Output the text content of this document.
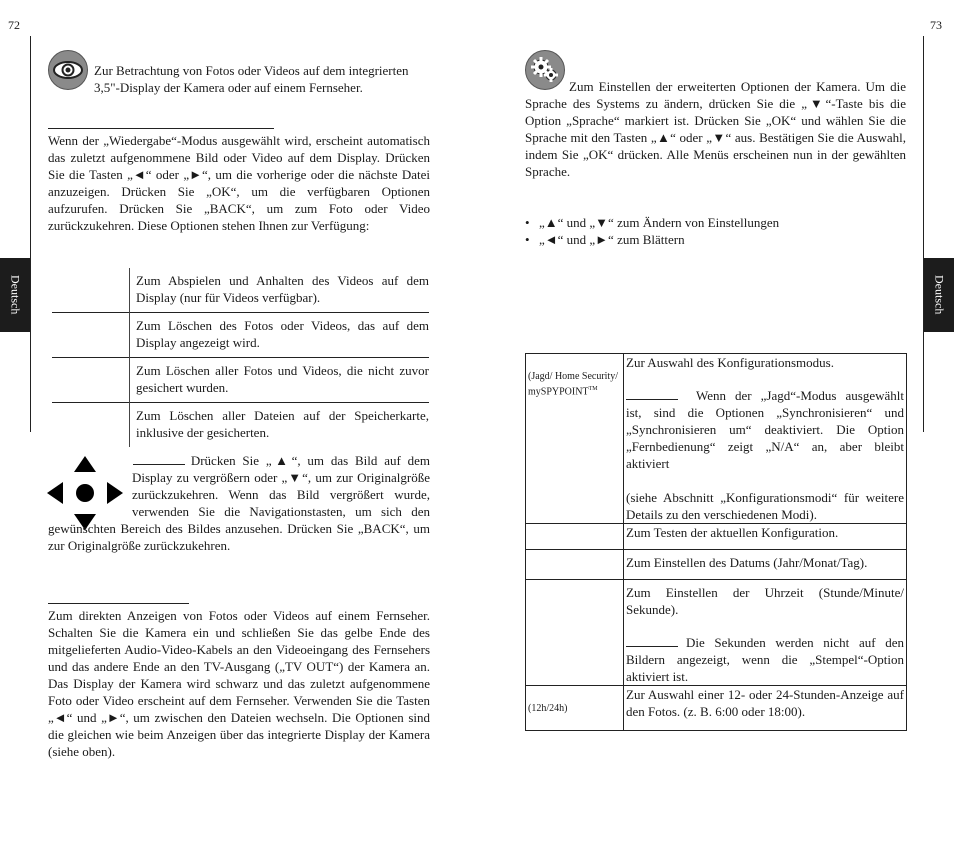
72
Deutsch
Zur Betrachtung von Fotos oder Videos auf dem integrierten 3,5"-Display der Kamera oder auf einem Fernseher.
Wenn der „Wiedergabe“-Modus ausgewählt wird, erscheint automatisch das zuletzt aufgenommene Bild oder Video auf dem Display. Drücken Sie die Tasten „◄“ oder „►“, um die vorherige oder die nächste Datei anzuzeigen. Drücken Sie „OK“, um die verfügbaren Optionen aufzurufen. Drücken Sie „BACK“, um zum Foto oder Video zurückzukehren. Diese Optionen stehen Ihnen zur Verfügung:
	Zum Abspielen und Anhalten des Videos auf dem Display (nur für Videos verfügbar).
	Zum Löschen des Fotos oder Videos, das auf dem Display angezeigt wird.
	Zum Löschen aller Fotos und Videos, die nicht zuvor gesichert wurden.
	Zum Löschen aller Dateien auf der Speicherkarte, inklusive der gesicherten.
Drücken Sie „▲“, um das Bild auf dem Display zu vergrößern oder „▼“, um zur Originalgröße zurückzukehren. Wenn das Bild vergrößert wurde, verwenden Sie die Navigationstasten, um sich den gewünschten Bereich des Bildes anzusehen. Drücken Sie „BACK“, um zur Originalgröße zurückzukehren.
Zum direkten Anzeigen von Fotos oder Videos auf einem Fernseher. Schalten Sie die Kamera ein und schließen Sie das gelbe Ende des mitgelieferten Audio-Video-Kabels an den Videoeingang des Fernsehers und das andere Ende an den TV-Ausgang („TV OUT“) der Kamera an. Das Display der Kamera wird schwarz und das zuletzt aufgenommene Foto oder Video erscheint auf dem Fernseher. Verwenden Sie die Tasten „◄“ und „►“, um zwischen den Dateien wechseln. Die Optionen sind die gleichen wie beim Anzeigen über das integrierte Display der Kamera (siehe oben).
73
Deutsch
Zum Einstellen der erweiterten Optionen der Kamera. Um die Sprache des Systems zu ändern, drücken Sie die „▼“-Taste bis die Option „Sprache“ markiert ist. Drücken Sie „OK“ und wählen Sie die Sprache mit den Tasten „▲“ oder „▼“ aus. Bestätigen Sie die Auswahl, indem Sie „OK“ drücken. Alle Menüs erscheinen nun in der gewählten Sprache.
• „▲“ und „▼“ zum Ändern von Einstellungen
• „◄“ und „►“ zum Blättern
(Jagd/ Home Security/ mySPYPOINT™	Zur Auswahl des Konfigurationsmodus.
Wenn der „Jagd“-Modus ausgewählt ist, sind die Optionen „Synchronisieren“ und „Synchronisieren um“ deaktiviert. Die Option „Fernbedienung“ zeigt „N/A“ an, aber bleibt aktiviert
(siehe Abschnitt „Konfigurationsmodi“ für weitere Details zu den verschiedenen Modi).

	Zum Testen der aktuellen Konfiguration.
	Zum Einstellen des Datums (Jahr/Monat/Tag).

	Zum Einstellen der Uhrzeit (Stunde/Minute/ Sekunde).
Die Sekunden werden nicht auf den Bildern angezeigt, wenn die „Stempel“-Option aktiviert ist.

(12h/24h)	Zur Auswahl einer 12- oder 24-Stunden-Anzeige auf den Fotos. (z. B. 6:00 oder 18:00).
